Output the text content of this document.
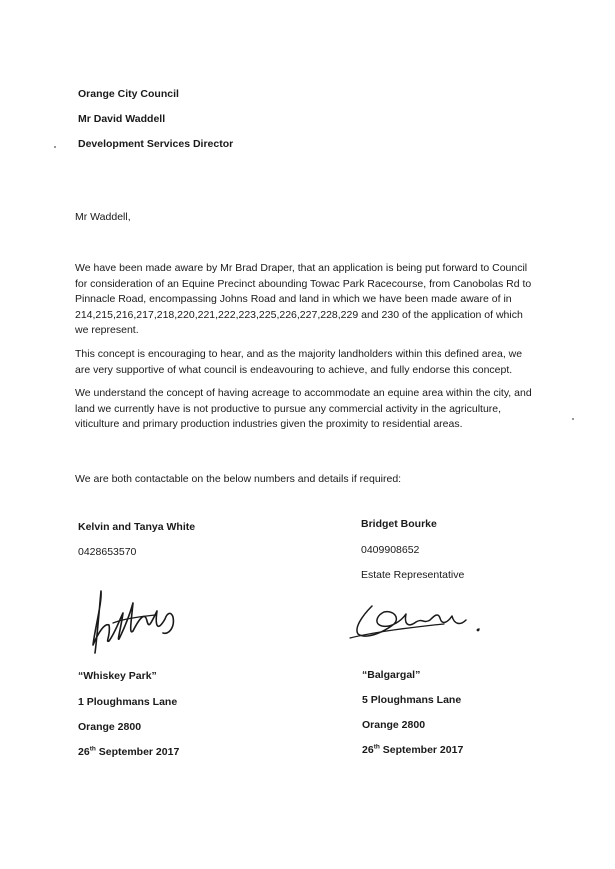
Orange City Council
Mr David Waddell
Development Services Director
Mr Waddell,

We have been made aware by Mr Brad Draper, that an application is being put forward to Council for consideration of an Equine Precinct abounding Towac Park Racecourse, from Canobolas Rd to Pinnacle Road, encompassing Johns Road and land in which we have been made aware of in 214,215,216,217,218,220,221,222,223,225,226,227,228,229 and 230 of the application of which we represent.

This concept is encouraging to hear, and as the majority landholders within this defined area, we are very supportive of what council is endeavouring to achieve, and fully endorse this concept.

We understand the concept of having acreage to accommodate an equine area within the city, and land we currently have is not productive to pursue any commercial activity in the agriculture, viticulture and primary production industries given the proximity to residential areas.

We are both contactable on the below numbers and details if required:

Kelvin and Tanya White
0428653570
“Whiskey Park”
1 Ploughmans Lane
Orange 2800
26th September 2017
Bridget Bourke
0409908652
Estate Representative
“Balgargal”
5 Ploughmans Lane
Orange 2800
26th September 2017
